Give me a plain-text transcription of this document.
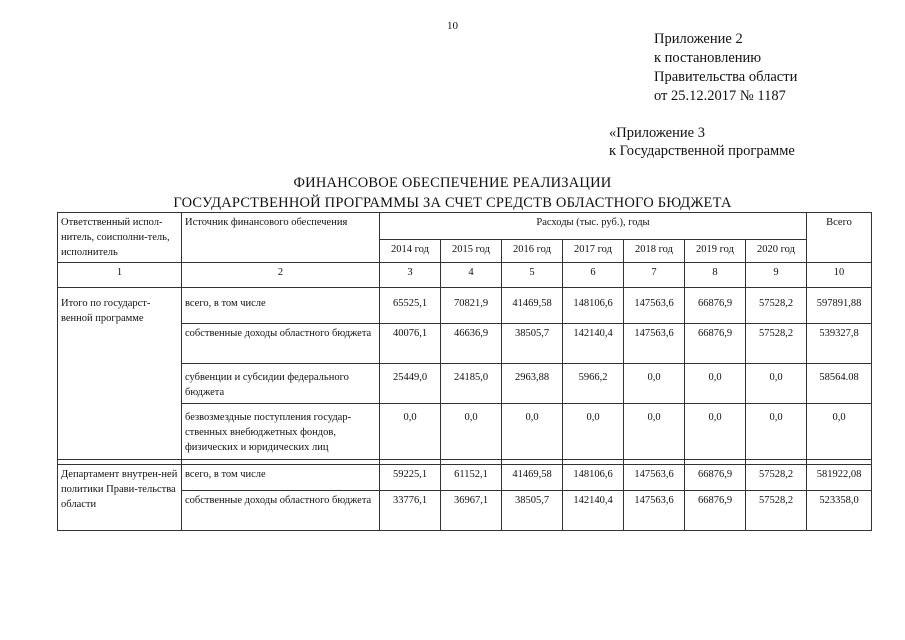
10
Приложение 2
к постановлению
Правительства области
от 25.12.2017 № 1187
«Приложение 3
к Государственной программе
ФИНАНСОВОЕ ОБЕСПЕЧЕНИЕ РЕАЛИЗАЦИИ
ГОСУДАРСТВЕННОЙ ПРОГРАММЫ ЗА СЧЕТ СРЕДСТВ ОБЛАСТНОГО БЮДЖЕТА
Ответственный испол-нитель, соисполни-тель, исполнитель	Источник финансового обеспечения	Расходы (тыс. руб.), годы							Всего
		2014 год	2015 год	2016 год	2017 год	2018 год	2019 год	2020 год	
1	2	3	4	5	6	7	8	9	10
Итого по государст-венной программе	всего, в том числе	65525,1	70821,9	41469,58	148106,6	147563,6	66876,9	57528,2	597891,88
	собственные доходы областного бюджета	40076,1	46636,9	38505,7	142140,4	147563,6	66876,9	57528,2	539327,8
	субвенции и субсидии федерального бюджета	25449,0	24185,0	2963,88	5966,2	0,0	0,0	0,0	58564.08
	безвозмездные поступления государ-ственных внебюджетных фондов, физических и юридических лиц	0,0	0,0	0,0	0,0	0,0	0,0	0,0	0,0

Департамент внутрен-ней политики Прави-тельства области	всего, в том числе	59225,1	61152,1	41469,58	148106,6	147563,6	66876,9	57528,2	581922,08
	собственные доходы областного бюджета	33776,1	36967,1	38505,7	142140,4	147563,6	66876,9	57528,2	523358,0
